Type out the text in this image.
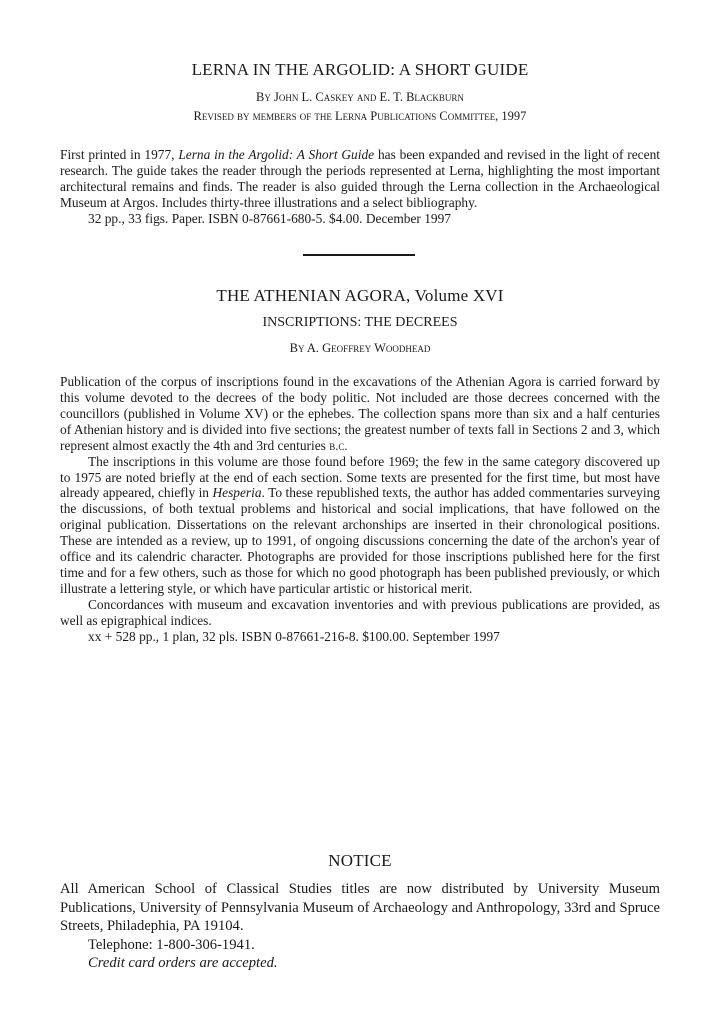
LERNA IN THE ARGOLID: A SHORT GUIDE
By John L. Caskey and E. T. Blackburn
Revised by members of the Lerna Publications Committee, 1997

First printed in 1977, Lerna in the Argolid: A Short Guide has been expanded and revised in the light of recent research. The guide takes the reader through the periods represented at Lerna, highlighting the most important architectural remains and finds. The reader is also guided through the Lerna collection in the Archaeological Museum at Argos. Includes thirty-three illustrations and a select bibliography.

32 pp., 33 figs. Paper. ISBN 0-87661-680-5. $4.00. December 1997

THE ATHENIAN AGORA, Volume XVI
INSCRIPTIONS: THE DECREES
By A. Geoffrey Woodhead

Publication of the corpus of inscriptions found in the excavations of the Athenian Agora is carried forward by this volume devoted to the decrees of the body politic. Not included are those decrees concerned with the councillors (published in Volume XV) or the ephebes. The collection spans more than six and a half centuries of Athenian history and is divided into five sections; the greatest number of texts fall in Sections 2 and 3, which represent almost exactly the 4th and 3rd centuries b.c.

The inscriptions in this volume are those found before 1969; the few in the same category discovered up to 1975 are noted briefly at the end of each section. Some texts are presented for the first time, but most have already appeared, chiefly in Hesperia. To these republished texts, the author has added commentaries surveying the discussions, of both textual problems and historical and social implications, that have followed on the original publication. Dissertations on the relevant archonships are inserted in their chronological positions. These are intended as a review, up to 1991, of ongoing discussions concerning the date of the archon's year of office and its calendric character. Photographs are provided for those inscriptions published here for the first time and for a few others, such as those for which no good photograph has been published previously, or which illustrate a lettering style, or which have particular artistic or historical merit.

Concordances with museum and excavation inventories and with previous publications are provided, as well as epigraphical indices.

xx + 528 pp., 1 plan, 32 pls. ISBN 0-87661-216-8. $100.00. September 1997

NOTICE

All American School of Classical Studies titles are now distributed by University Museum Publications, University of Pennsylvania Museum of Archaeology and Anthropology, 33rd and Spruce Streets, Philadephia, PA 19104.

Telephone: 1-800-306-1941.

Credit card orders are accepted.
